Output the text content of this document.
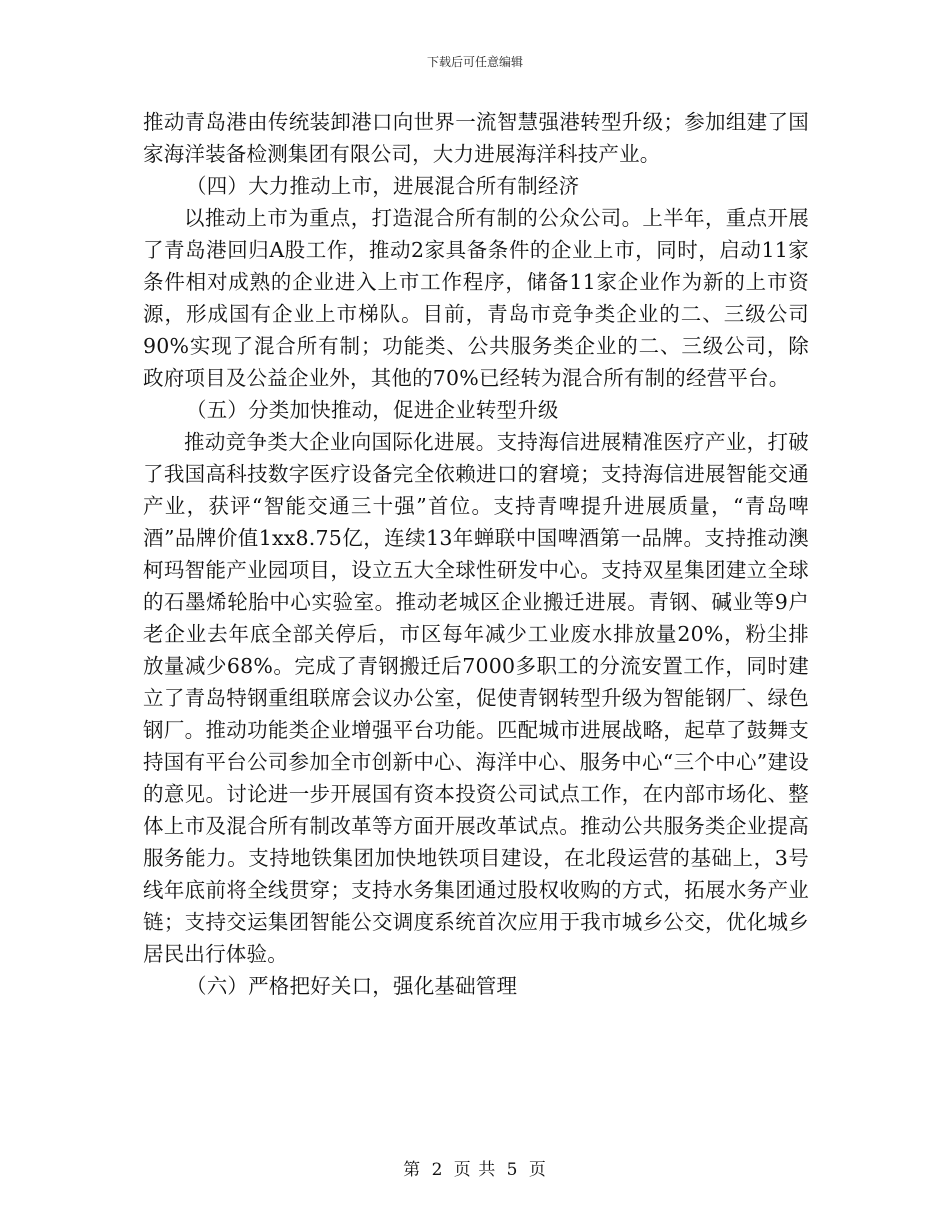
下载后可任意编辑

推动青岛港由传统装卸港口向世界一流智慧强港转型升级；参加组建了国家海洋装备检测集团有限公司，大力进展海洋科技产业。

（四）大力推动上市，进展混合所有制经济

以推动上市为重点，打造混合所有制的公众公司。上半年，重点开展了青岛港回归A股工作，推动2家具备条件的企业上市，同时，启动11家条件相对成熟的企业进入上市工作程序，储备11家企业作为新的上市资源，形成国有企业上市梯队。目前，青岛市竞争类企业的二、三级公司90%实现了混合所有制；功能类、公共服务类企业的二、三级公司，除政府项目及公益企业外，其他的70%已经转为混合所有制的经营平台。

（五）分类加快推动，促进企业转型升级

推动竞争类大企业向国际化进展。支持海信进展精准医疗产业，打破了我国高科技数字医疗设备完全依赖进口的窘境；支持海信进展智能交通产业，获评“智能交通三十强”首位。支持青啤提升进展质量，“青岛啤酒”品牌价值1xx8.75亿，连续13年蝉联中国啤酒第一品牌。支持推动澳柯玛智能产业园项目，设立五大全球性研发中心。支持双星集团建立全球的石墨烯轮胎中心实验室。推动老城区企业搬迁进展。青钢、碱业等9户老企业去年底全部关停后，市区每年减少工业废水排放量20%，粉尘排放量减少68%。完成了青钢搬迁后7000多职工的分流安置工作，同时建立了青岛特钢重组联席会议办公室，促使青钢转型升级为智能钢厂、绿色钢厂。推动功能类企业增强平台功能。匹配城市进展战略，起草了鼓舞支持国有平台公司参加全市创新中心、海洋中心、服务中心“三个中心”建设的意见。讨论进一步开展国有资本投资公司试点工作，在内部市场化、整体上市及混合所有制改革等方面开展改革试点。推动公共服务类企业提高服务能力。支持地铁集团加快地铁项目建设，在北段运营的基础上，3号线年底前将全线贯穿；支持水务集团通过股权收购的方式，拓展水务产业链；支持交运集团智能公交调度系统首次应用于我市城乡公交，优化城乡居民出行体验。

（六）严格把好关口，强化基础管理

第 2 页 共 5 页
